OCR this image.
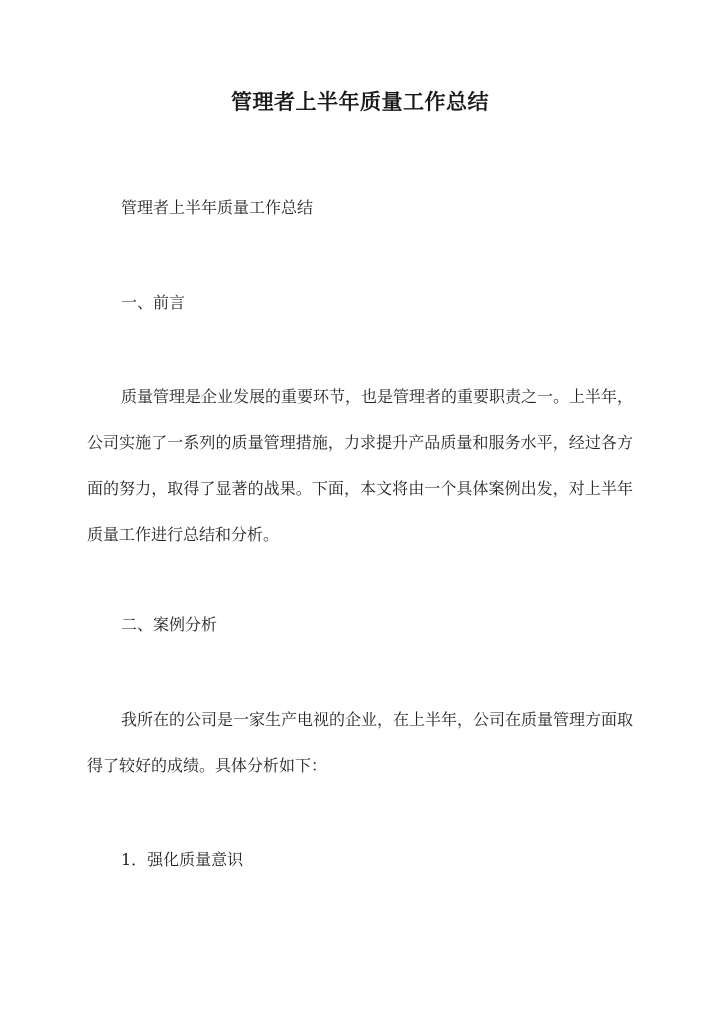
管理者上半年质量工作总结
管理者上半年质量工作总结
一、前言
质量管理是企业发展的重要环节，也是管理者的重要职责之一。上半年，公司实施了一系列的质量管理措施，力求提升产品质量和服务水平，经过各方面的努力，取得了显著的战果。下面，本文将由一个具体案例出发，对上半年质量工作进行总结和分析。
二、案例分析
我所在的公司是一家生产电视的企业，在上半年，公司在质量管理方面取得了较好的成绩。具体分析如下：
1．强化质量意识
